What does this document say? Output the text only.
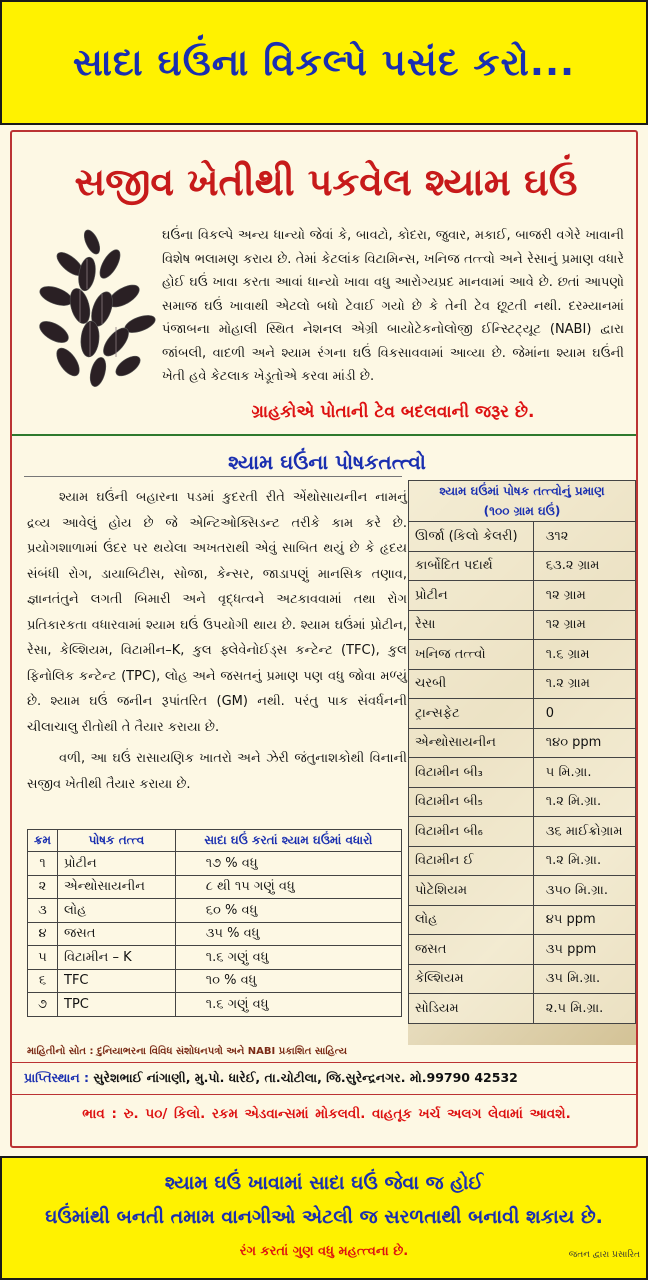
સાદા ઘઉંના વિકલ્પે પસંદ કરો...
સજીવ ખેતીથી પકવેલ શ્યામ ઘઉં
ઘઉંના વિકલ્પે અન્ય ધાન્યો જેવાં કે, બાવટો, કોદરા, જુવાર, મકાઈ, બાજરી વગેરે ખાવાની વિશેષ ભલામણ કરાય છે. તેમાં કેટલાંક વિટામિન્સ, ખનિજ તત્ત્વો અને રેસાનું પ્રમાણ વધારે હોઈ ઘઉં ખાવા કરતા આવાં ધાન્યો ખાવા વધુ આરોગ્યપ્રદ માનવામાં આવે છે. છતાં આપણો સમાજ ઘઉં ખાવાથી એટલો બધો ટેવાઈ ગયો છે કે તેની ટેવ છૂટતી નથી. દરમ્યાનમાં પંજાબના મોહાલી સ્થિત નેશનલ એગ્રી બાયોટેકનોલોજી ઈન્સ્ટિટ્યૂટ (NABI) દ્વારા જાંબલી, વાદળી અને શ્યામ રંગના ઘઉં વિકસાવવામાં આવ્યા છે. જેમાંના શ્યામ ઘઉંની ખેતી હવે કેટલાક ખેડૂતોએ કરવા માંડી છે.
ગ્રાહકોએ પોતાની ટેવ બદલવાની જરૂર છે.
શ્યામ ઘઉંના પોષકતત્ત્વો

શ્યામ ઘઉંની બહારના પડમાં કુદરતી રીતે એંથોસાયનીન નામનું દ્રવ્ય આવેલું હોય છે જે એન્ટિઓક્સિડન્ટ તરીકે કામ કરે છે. પ્રયોગશાળામાં ઉંદર પર થયેલા અખતરાથી એવું સાબિત થયું છે કે હૃદય સંબંધી રોગ, ડાયાબિટીસ, સોજા, કેન્સર, જાડાપણું માનસિક તણાવ, જ્ઞાનતંતુને લગતી બિમારી અને વૃદ્ધત્વને અટકાવવામાં તથા રોગ પ્રતિકારકતા વધારવામાં શ્યામ ઘઉં ઉપયોગી થાય છે. શ્યામ ઘઉંમાં પ્રોટીન, રેસા, કેલ્શિયમ, વિટામીન–K, કુલ ફ્લેવેનોઈડ્સ કન્ટેન્ટ (TFC), કુલ ફિનોલિક કન્ટેન્ટ (TPC), લોહ અને જસતનું પ્રમાણ પણ વધુ જોવા મળ્યું છે. શ્યામ ઘઉં જનીન રૂપાંતરિત (GM) નથી. પરંતુ પાક સંવર્ધનની ચીલાચાલુ રીતોથી તે તૈયાર કરાયા છે.

વળી, આ ઘઉં રાસાયણિક ખાતરો અને ઝેરી જંતુનાશકોથી વિનાની સજીવ ખેતીથી તૈયાર કરાયા છે.

ક્રમ	પોષક તત્ત્વ	સાદા ઘઉં કરતાં શ્યામ ઘઉંમાં વધારો
૧	પ્રોટીન	૧૭ % વધુ
૨	એન્થોસાયનીન	૮ થી ૧૫ ગણું વધુ
૩	લોહ	૬૦ % વધુ
૪	જસત	૩૫ % વધુ
૫	વિટામીન – K	૧.૬ ગણું વધુ
૬	TFC	૧૦ % વધુ
૭	TPC	૧.૬ ગણું વધુ
માહિતીનો સોત : દુનિયાભરના વિવિધ સંશોધનપત્રો અને NABI પ્રકાશિત સાહિત્ય
શ્યામ ઘઉંમાં પોષક તત્ત્વોનું પ્રમાણ
(૧૦૦ ગ્રામ ઘઉં)	

ઊર્જા (કિલો કેલરી)	૩૧૨
કાર્બોદિત પદાર્થ	૬૩.૨ ગ્રામ
પ્રોટીન	૧૨ ગ્રામ
રેસા	૧૨ ગ્રામ
ખનિજ તત્ત્વો	૧.૬ ગ્રામ
ચરબી	૧.૨ ગ્રામ
ટ્રાન્સફેટ	0
એન્થોસાયનીન	૧૪૦ ppm
વિટામીન બી₃	૫ મિ.ગ્રા.
વિટામીન બી₅	૧.૨ મિ.ગ્રા.
વિટામીન બી₆	૩૬ માઈક્રોગ્રામ
વિટામીન ઈ	૧.૨ મિ.ગ્રા.
પોટેશિયમ	૩૫૦ મિ.ગ્રા.
લોહ	૪૫ ppm
જસત	૩૫ ppm
કેલ્શિયમ	૩૫ મિ.ગ્રા.
સોડિયમ	૨.૫ મિ.ગ્રા.
પ્રાપ્તિસ્થાન : સુરેશભાઈ નાંગાણી, મુ.પો. ધારેઈ, તા.ચોટીલા, જિ.સુરેન્દ્રનગર. મો.99790 42532
ભાવ : રુ. ૫૦/ કિલો. રકમ એડવાન્સમાં મોકલવી. વાહતૂક ખર્ચ અલગ લેવામાં આવશે.
શ્યામ ઘઉં ખાવામાં સાદા ઘઉં જેવા જ હોઈ
ઘઉંમાંથી બનતી તમામ વાનગીઓ એટલી જ સરળતાથી બનાવી શકાય છે.
રંગ કરતાં ગુણ વધુ મહત્ત્વના છે.	જતન દ્વારા પ્રસારિત
